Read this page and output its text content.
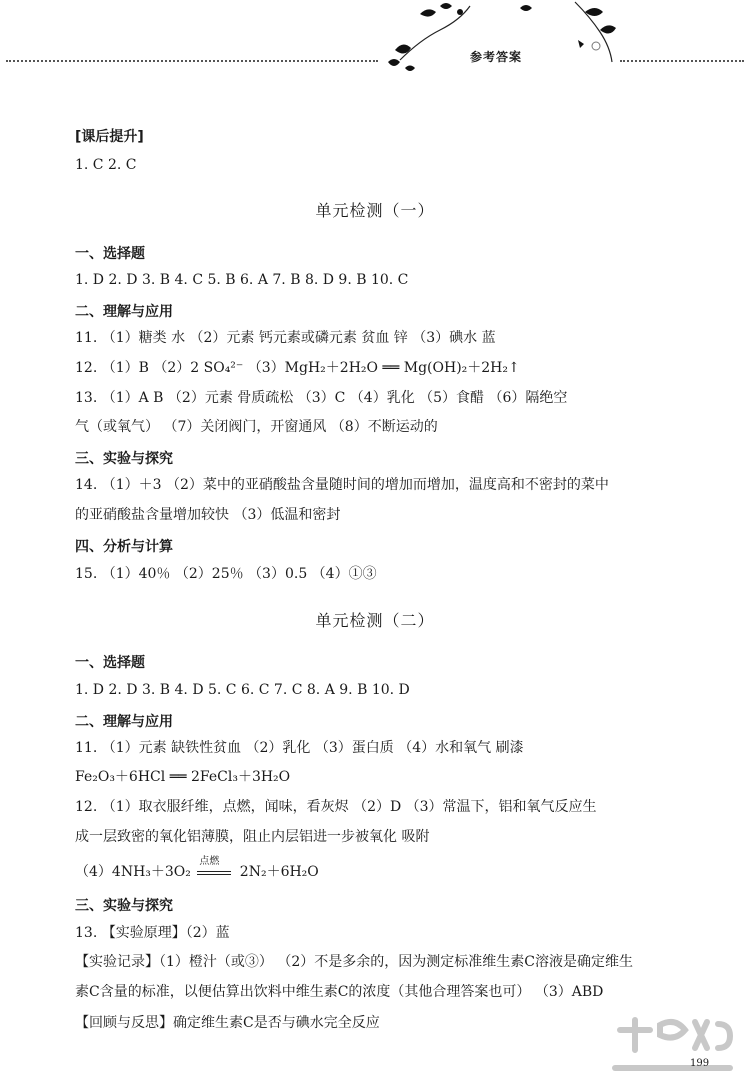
参考答案
[课后提升]
1. C 2. C
单元检测（一）
一、选择题
1. D 2. D 3. B 4. C 5. B 6. A 7. B 8. D 9. B 10. C
二、理解与应用
11. （1）糖类 水 （2）元素 钙元素或磷元素 贫血 锌 （3）碘水 蓝
12. （1）B （2）2 SO₄²⁻ （3）MgH₂＋2H₂O ══ Mg(OH)₂＋2H₂↑
13. （1）A B （2）元素 骨质疏松 （3）C （4）乳化 （5）食醋 （6）隔绝空
气（或氧气） （7）关闭阀门，开窗通风 （8）不断运动的
三、实验与探究
14. （1）＋3 （2）菜中的亚硝酸盐含量随时间的增加而增加，温度高和不密封的菜中
的亚硝酸盐含量增加较快 （3）低温和密封
四、分析与计算
15. （1）40％ （2）25％ （3）0.5 （4）①③
单元检测（二）
一、选择题
1. D 2. D 3. B 4. D 5. C 6. C 7. C 8. A 9. B 10. D
二、理解与应用
11. （1）元素 缺铁性贫血 （2）乳化 （3）蛋白质 （4）水和氧气 刷漆
Fe₂O₃＋6HCl ══ 2FeCl₃＋3H₂O
12. （1）取衣服纤维，点燃，闻味，看灰烬 （2）D （3）常温下，铝和氧气反应生
成一层致密的氧化铝薄膜，阻止内层铝进一步被氧化 吸附
（4）4NH₃＋3O₂
点燃
2N₂＋6H₂O
三、实验与探究
13. 【实验原理】（2）蓝
【实验记录】（1）橙汁（或③） （2）不是多余的，因为测定标准维生素C溶液是确定维生
素C含量的标准，以便估算出饮料中维生素C的浓度（其他合理答案也可） （3）ABD
【回顾与反思】确定维生素C是否与碘水完全反应
199
